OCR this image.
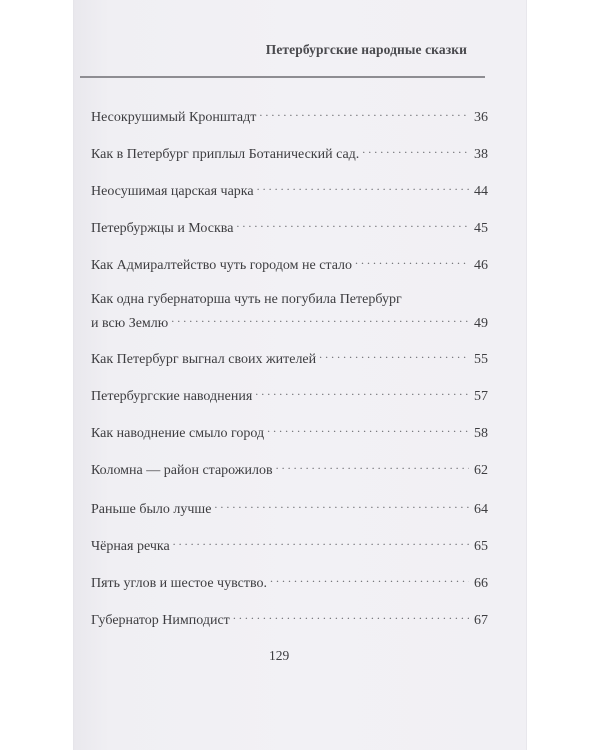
Петербургские народные сказки
Несокрушимый Кронштадт . . .	36
Как в Петербург приплыл Ботанический сад. . . .	38
Неосушимая царская чарка . . .	44
Петербуржцы и Москва . . .	45
Как Адмиралтейство чуть городом не стало . . .	46
Как одна губернаторша чуть не погубила Петербург
и всю Землю . . .	49
Как Петербург выгнал своих жителей . . .	55
Петербургские наводнения . . .	57
Как наводнение смыло город . . .	58
Коломна — район старожилов . . .	62
Раньше было лучше . . .	64
Чёрная речка . . .	65
Пять углов и шестое чувство. . . .	66
Губернатор Нимподист . . .	67
129
